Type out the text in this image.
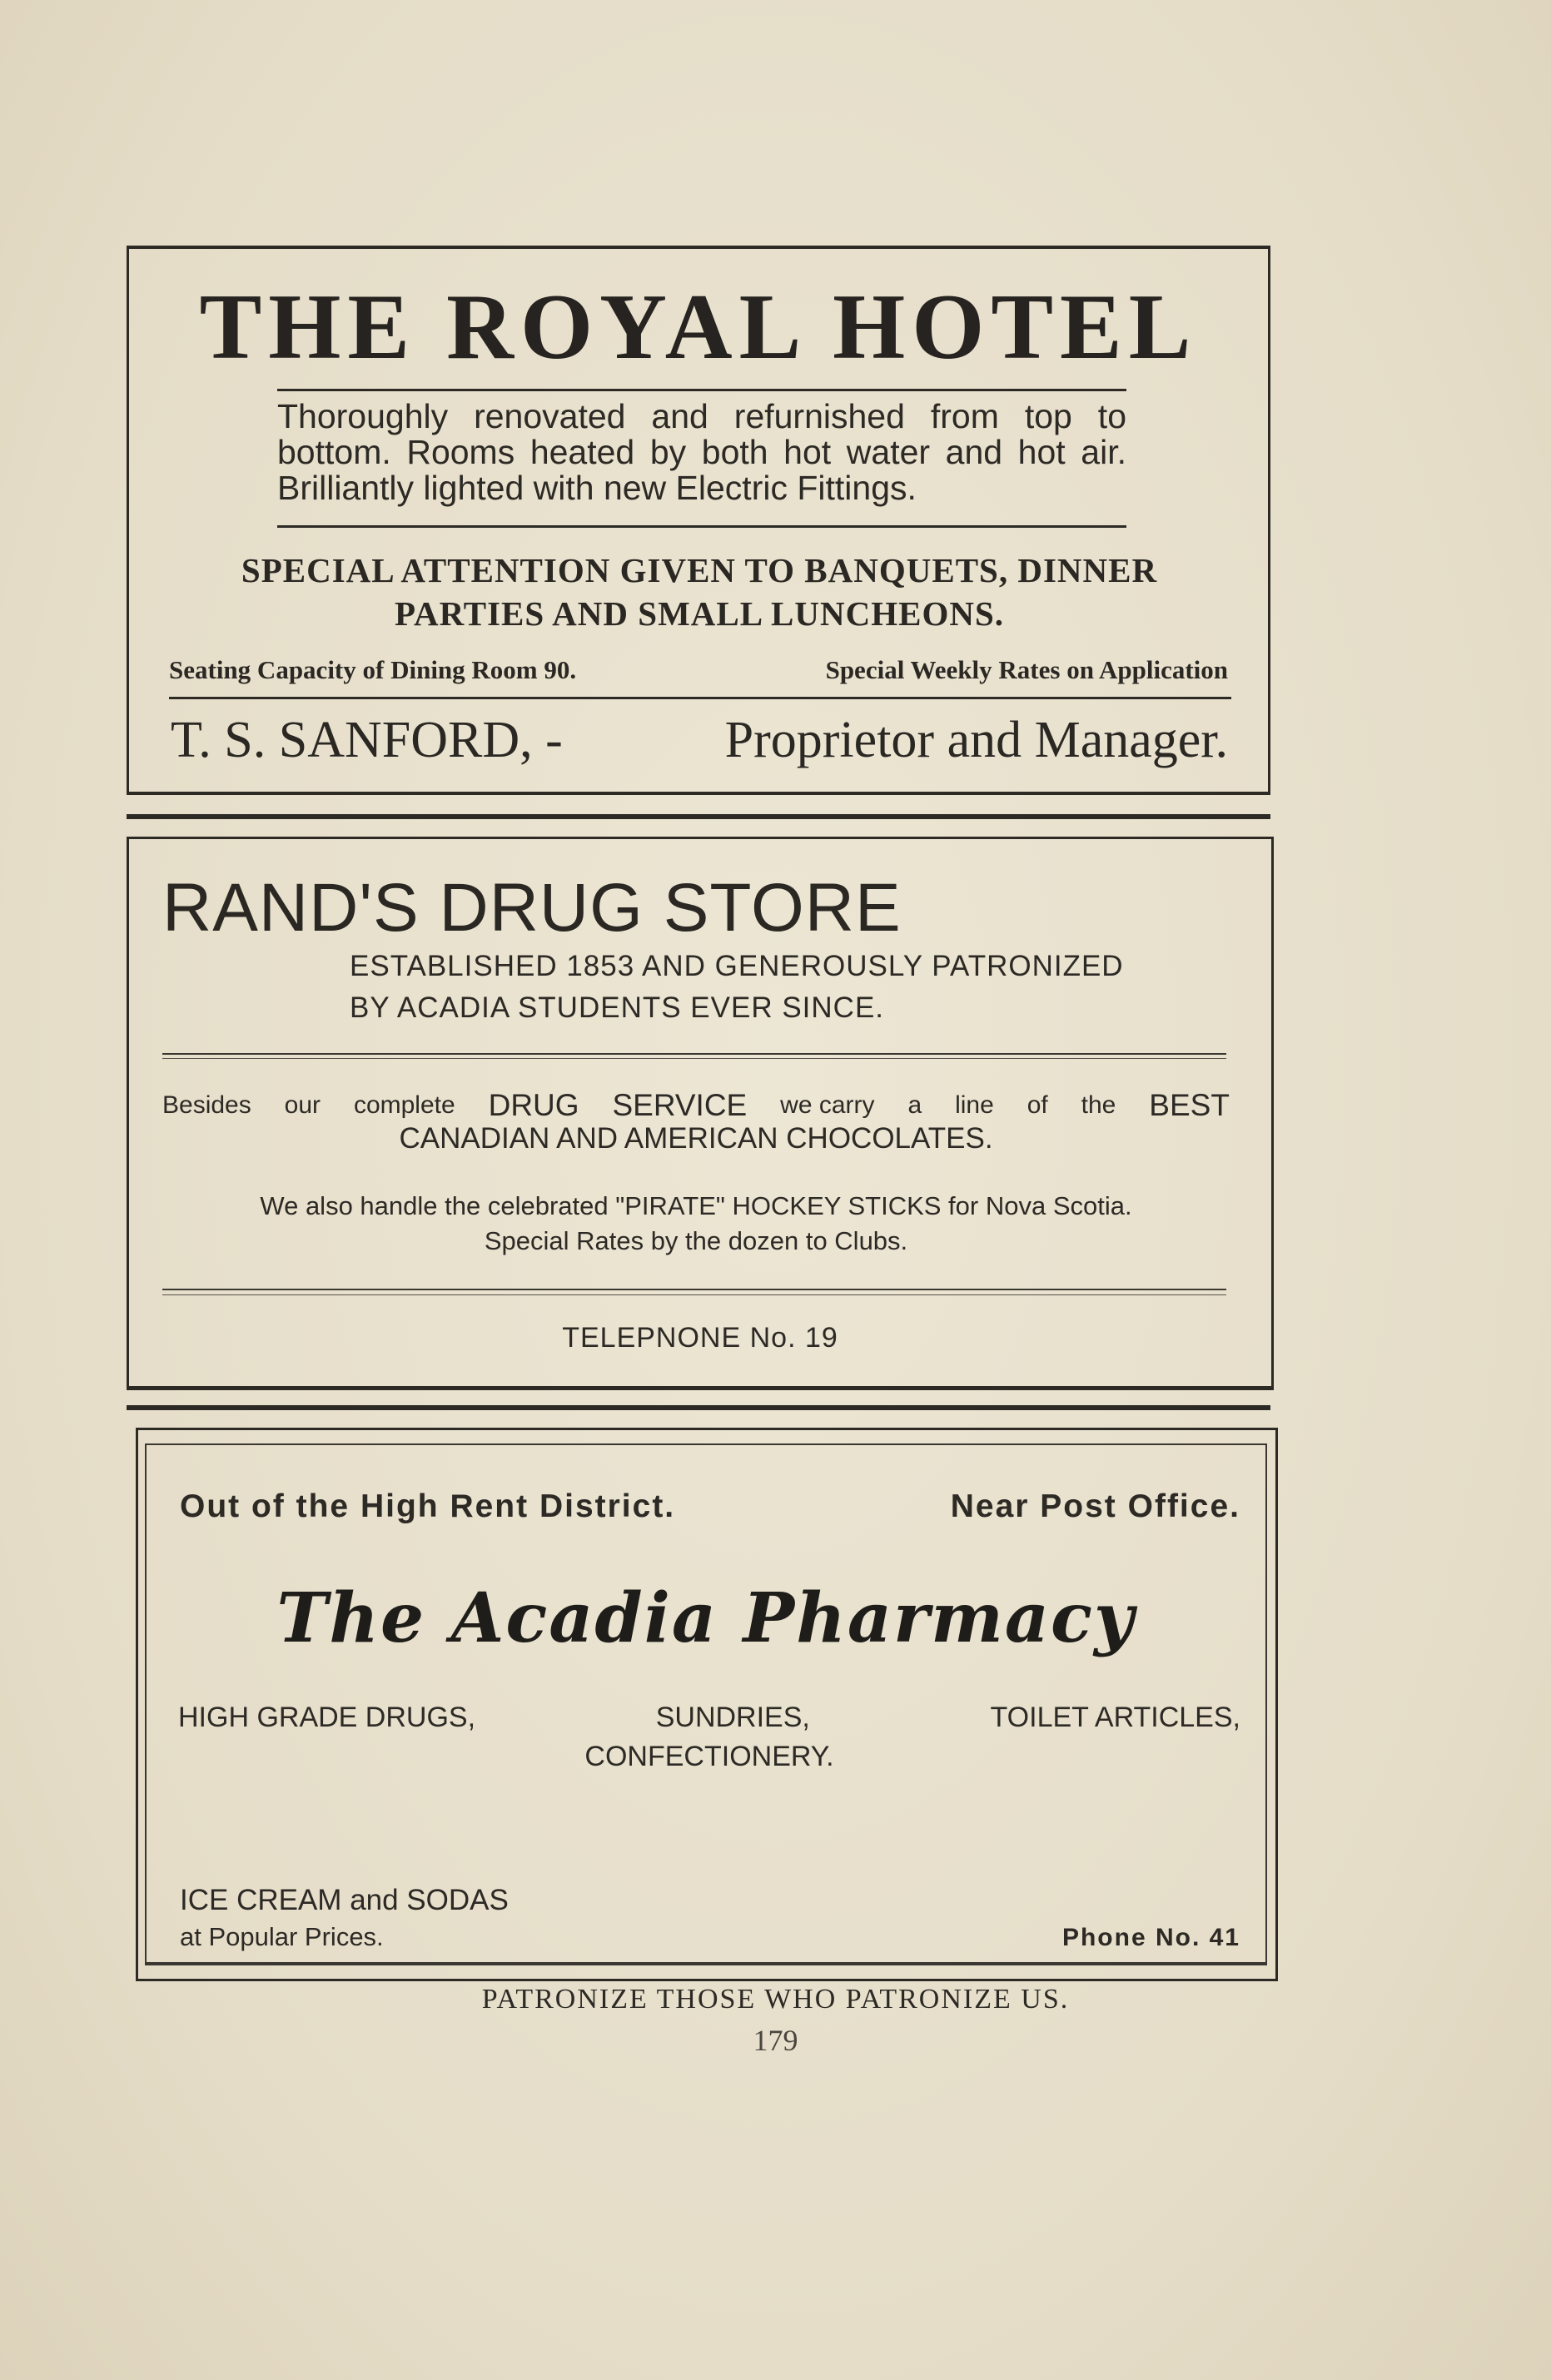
THE ROYAL HOTEL
Thoroughly renovated and refurnished from top to bottom. Rooms heated by both hot water and hot air. Brilliantly lighted with new Electric Fittings.
SPECIAL ATTENTION GIVEN TO BANQUETS, DINNER
PARTIES AND SMALL LUNCHEONS.
Seating Capacity of Dining Room 90.	Special Weekly Rates on Application
T. S. SANFORD, -	Proprietor and Manager.
RAND'S DRUG STORE
ESTABLISHED 1853 AND GENEROUSLY PATRONIZED
BY ACADIA STUDENTS EVER SINCE.
Besides our complete DRUG SERVICE we carry a line of the BEST
CANADIAN AND AMERICAN CHOCOLATES.
We also handle the celebrated "PIRATE" HOCKEY STICKS for Nova Scotia.
Special Rates by the dozen to Clubs.
TELEPNONE No. 19
Out of the High Rent District.	Near Post Office.
The Acadia Pharmacy
HIGH GRADE DRUGS,	SUNDRIES,	TOILET ARTICLES,
CONFECTIONERY.
ICE CREAM and SODAS
at Popular Prices.	Phone No. 41
PATRONIZE THOSE WHO PATRONIZE US.
179
